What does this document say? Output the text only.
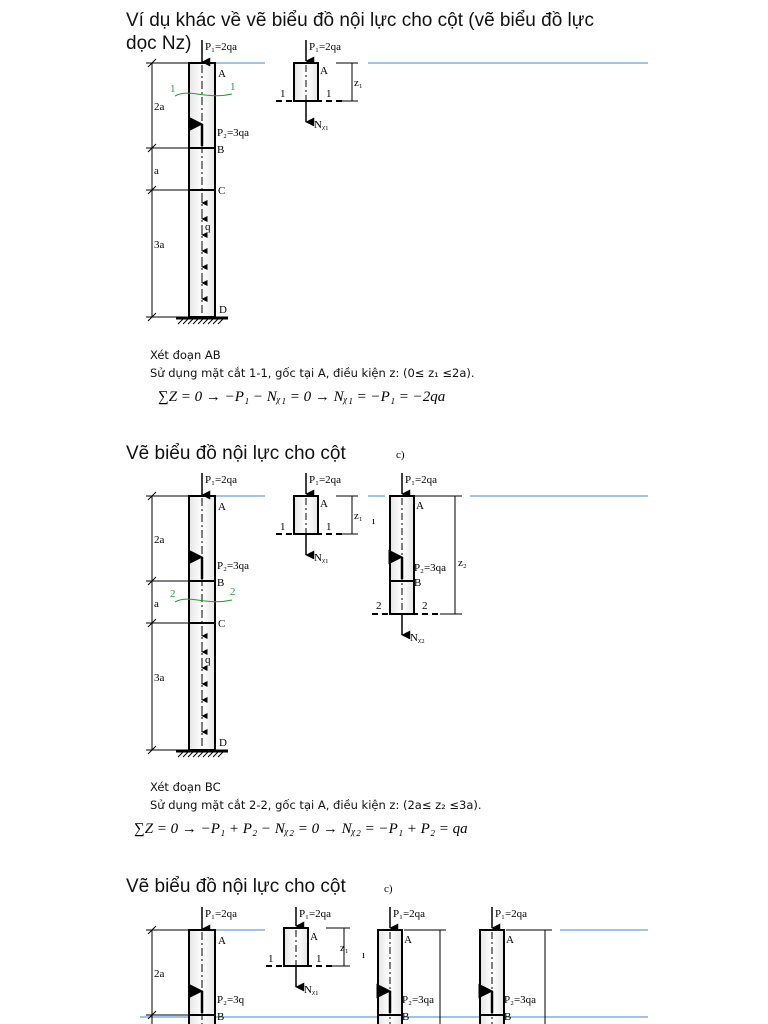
Ví dụ khác về vẽ biểu đồ nội lực cho cột (vẽ biểu đồ lực dọc Nz)	P₁=2qa
P₂=3qa
q
A
B
C
D
2a
a
3a
1	1
P₁=2qa
Nᵪ₁
A
1	1
z₁

Xét đoạn AB

Sử dụng mặt cắt 1-1, gốc tại A, điều kiện z: (0≤ z₁ ≤2a).

∑Z = 0 → −P₁ − Nᵪ₁ = 0 → Nᵪ₁ = −P₁ = −2qa

Vẽ biểu đồ nội lực cho cột

P₁=2qa
P₂=3qa
q
A
B
C
D
2a
a
3a
2	2
P₁=2qa
Nᵪ₁
A
1	1
z₁ ı
c)
P₁=2qa
P₂=3qa
A
B
Nᵪ₂
2	2
z₂

Xét đoạn BC

Sử dụng mặt cắt 2-2, gốc tại A, điều kiện z: (2a≤ z₂ ≤3a).

∑Z = 0 → −P₁ + P₂ − Nᵪ₂ = 0 → Nᵪ₂ = −P₁ + P₂ = qa

Vẽ biểu đồ nội lực cho cột

P₁=2qa
P₂=3q
A
B
2a
P₁=2qa
Nᵪ₁
A
1	1
z₁
ı
c)
P₁=2qa
P₂=3qa
A
B
P₁=2qa
P₂=3qa
A
B
